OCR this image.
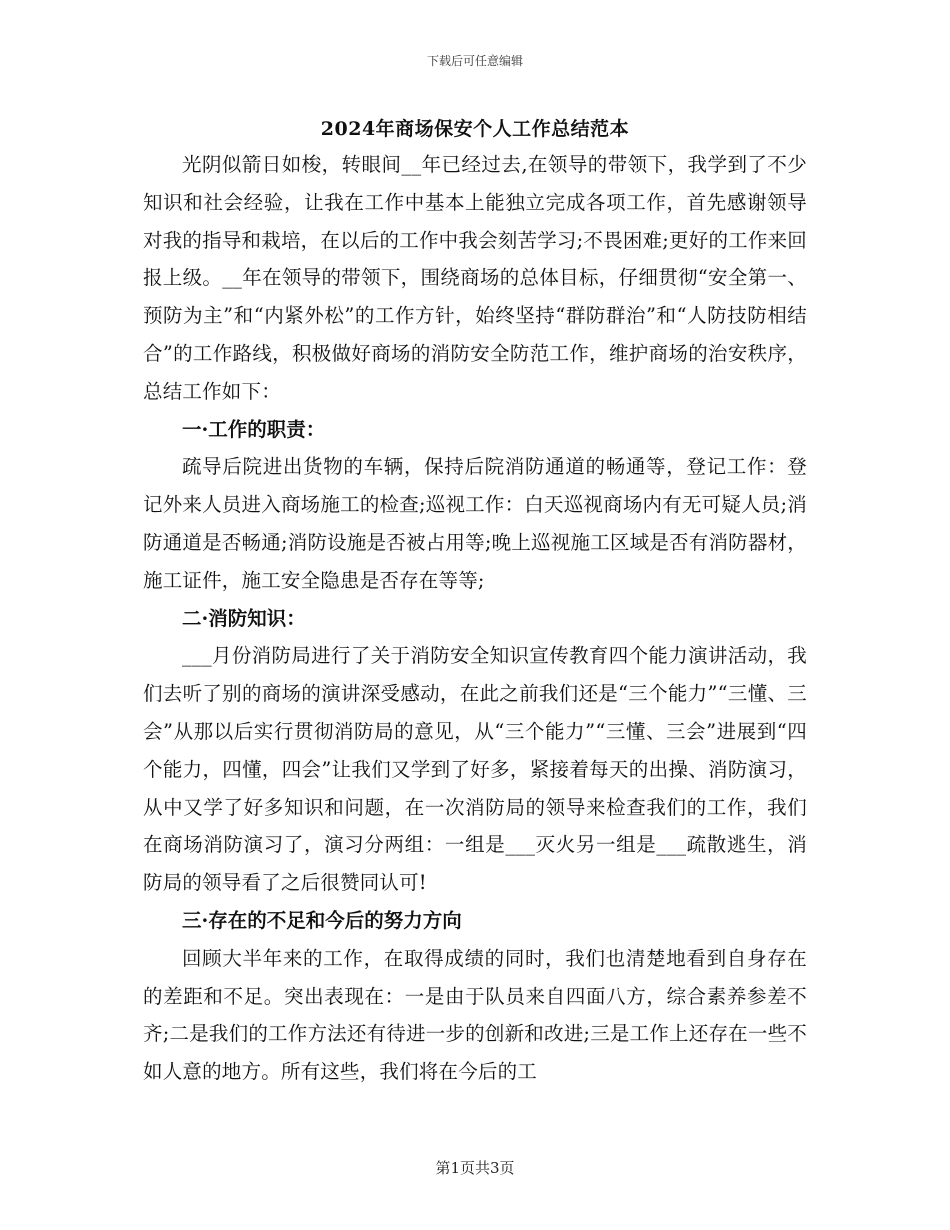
下载后可任意编辑
2024年商场保安个人工作总结范本

光阴似箭日如梭，转眼间__年已经过去,在领导的带领下，我学到了不少知识和社会经验，让我在工作中基本上能独立完成各项工作，首先感谢领导对我的指导和栽培，在以后的工作中我会刻苦学习;不畏困难;更好的工作来回报上级。__年在领导的带领下，围绕商场的总体目标，仔细贯彻“安全第一、预防为主”和“内紧外松”的工作方针，始终坚持“群防群治”和“人防技防相结合”的工作路线，积极做好商场的消防安全防范工作，维护商场的治安秩序，总结工作如下：

一·工作的职责：

疏导后院进出货物的车辆，保持后院消防通道的畅通等，登记工作：登记外来人员进入商场施工的检查;巡视工作：白天巡视商场内有无可疑人员;消防通道是否畅通;消防设施是否被占用等;晚上巡视施工区域是否有消防器材，施工证件，施工安全隐患是否存在等等;

二·消防知识：

___月份消防局进行了关于消防安全知识宣传教育四个能力演讲活动，我们去听了别的商场的演讲深受感动，在此之前我们还是“三个能力”“三懂、三会”从那以后实行贯彻消防局的意见，从“三个能力”“三懂、三会”进展到“四个能力，四懂，四会”让我们又学到了好多，紧接着每天的出操、消防演习，从中又学了好多知识和问题，在一次消防局的领导来检查我们的工作，我们在商场消防演习了，演习分两组：一组是___灭火另一组是___疏散逃生，消防局的领导看了之后很赞同认可!

三·存在的不足和今后的努力方向

回顾大半年来的工作，在取得成绩的同时，我们也清楚地看到自身存在的差距和不足。突出表现在：一是由于队员来自四面八方，综合素养参差不齐;二是我们的工作方法还有待进一步的创新和改进;三是工作上还存在一些不如人意的地方。所有这些，我们将在今后的工

第1页共3页
